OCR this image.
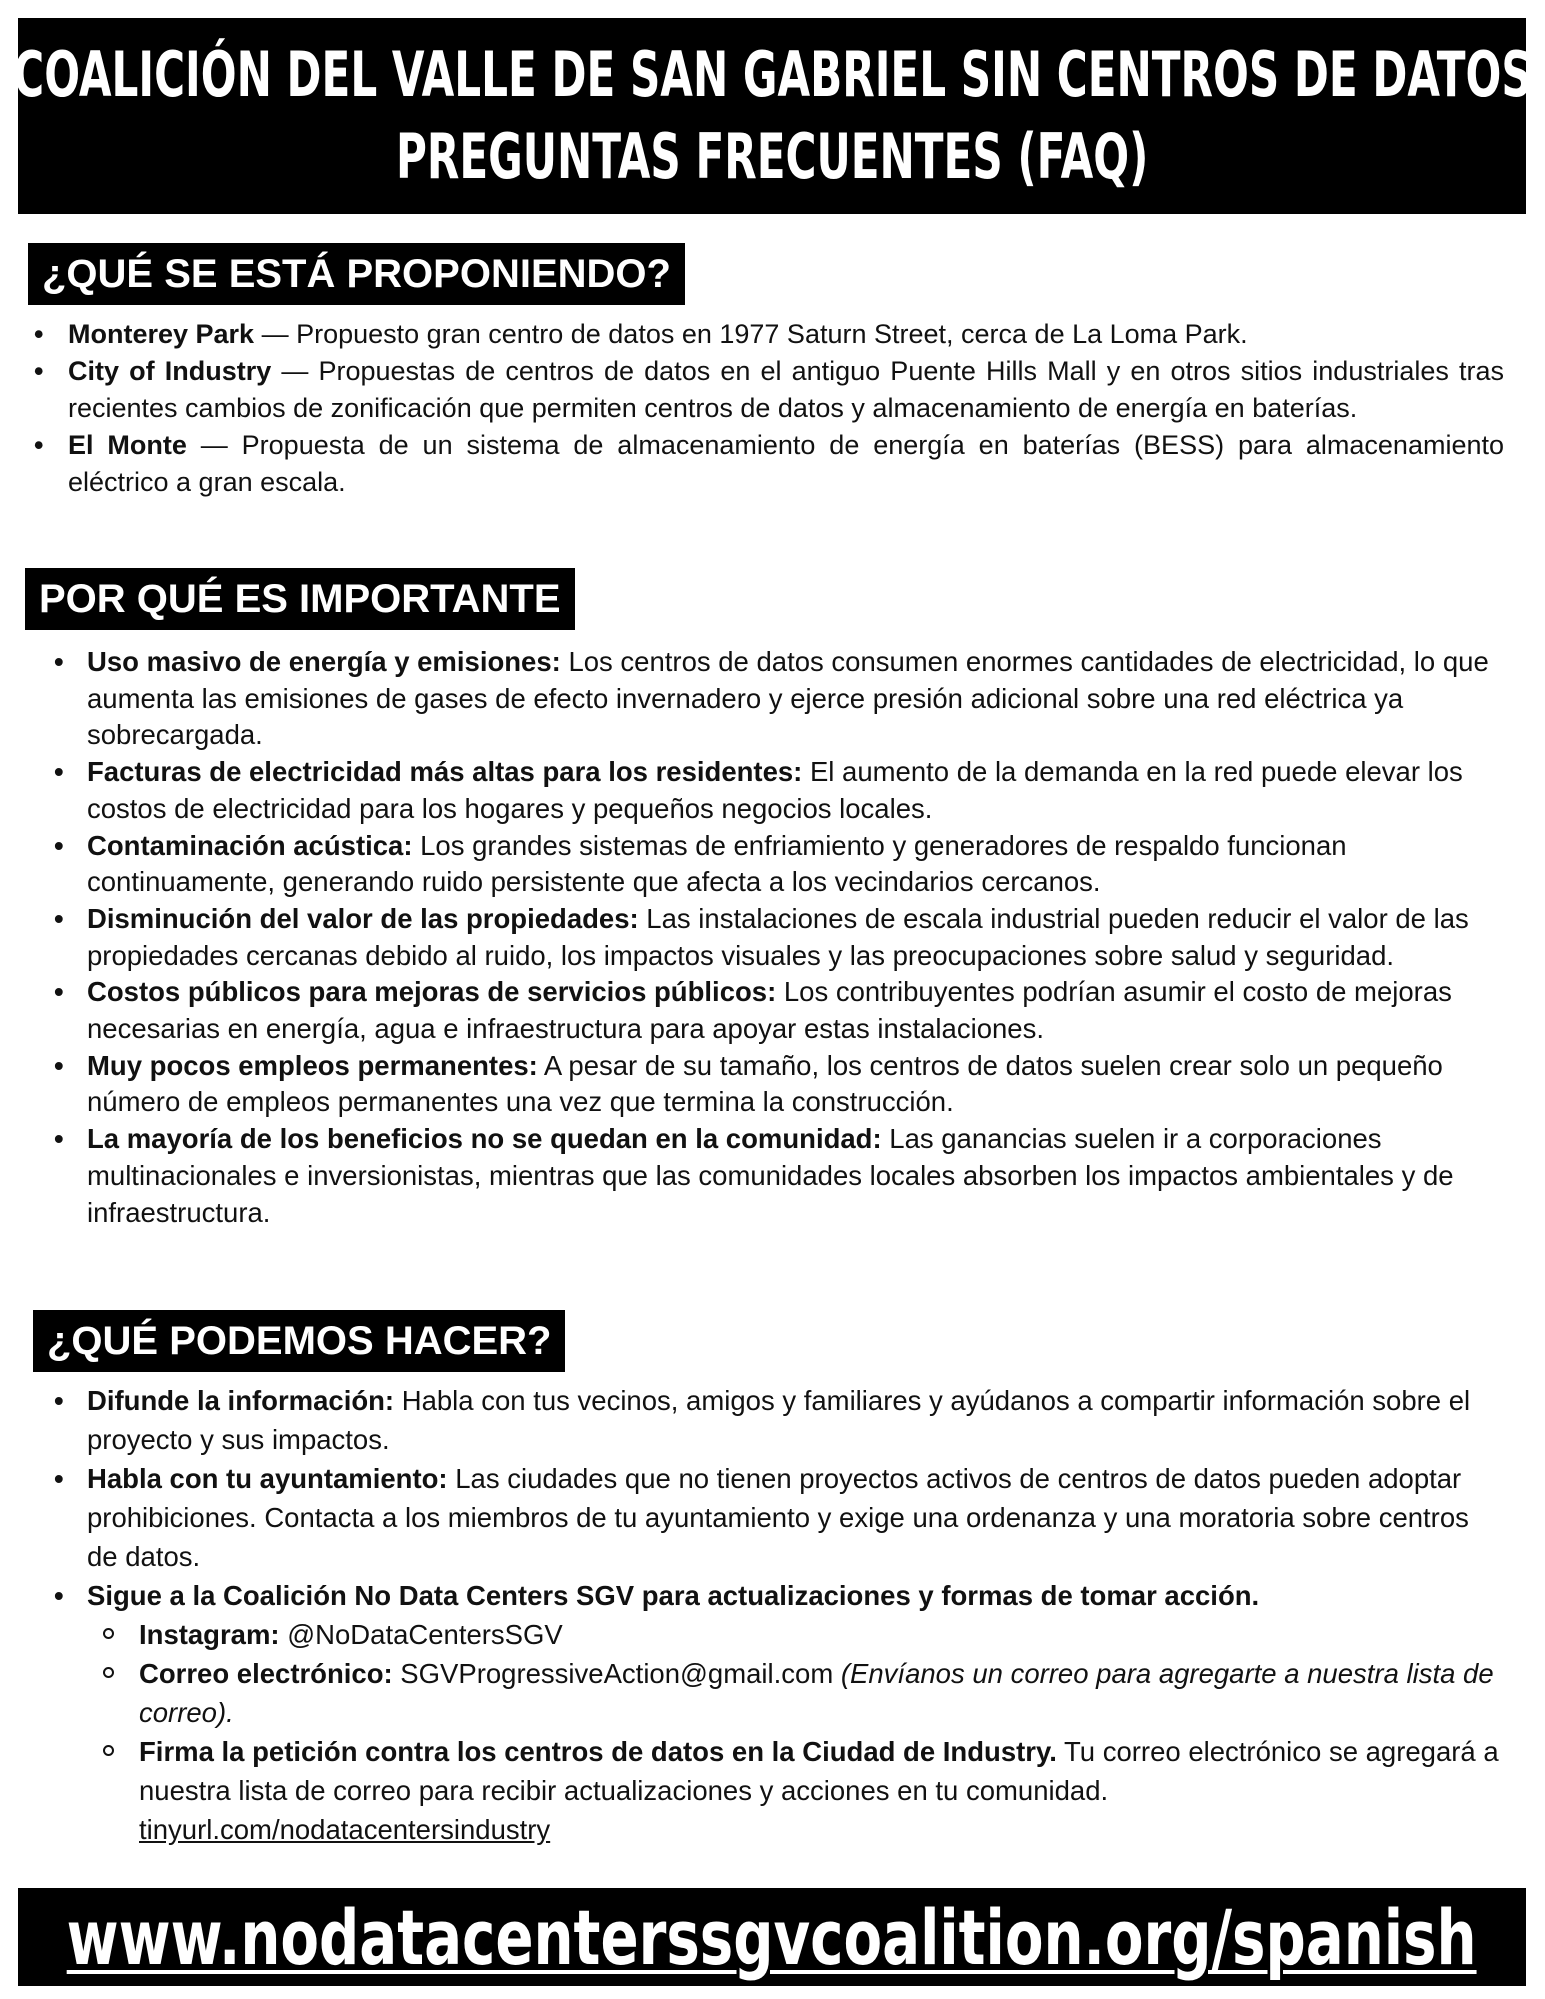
COALICIÓN DEL VALLE DE SAN GABRIEL SIN CENTROS DE DATOS
PREGUNTAS FRECUENTES (FAQ)
¿QUÉ SE ESTÁ PROPONIENDO?
• Monterey Park — Propuesto gran centro de datos en 1977 Saturn Street, cerca de La Loma Park.
• City of Industry — Propuestas de centros de datos en el antiguo Puente Hills Mall y en otros sitios industriales tras recientes cambios de zonificación que permiten centros de datos y almacenamiento de energía en baterías.
• El Monte — Propuesta de un sistema de almacenamiento de energía en baterías (BESS) para almacenamiento eléctrico a gran escala.
POR QUÉ ES IMPORTANTE
• Uso masivo de energía y emisiones: Los centros de datos consumen enormes cantidades de electricidad, lo que aumenta las emisiones de gases de efecto invernadero y ejerce presión adicional sobre una red eléctrica ya sobrecargada.
• Facturas de electricidad más altas para los residentes: El aumento de la demanda en la red puede elevar los costos de electricidad para los hogares y pequeños negocios locales.
• Contaminación acústica: Los grandes sistemas de enfriamiento y generadores de respaldo funcionan continuamente, generando ruido persistente que afecta a los vecindarios cercanos.
• Disminución del valor de las propiedades: Las instalaciones de escala industrial pueden reducir el valor de las propiedades cercanas debido al ruido, los impactos visuales y las preocupaciones sobre salud y seguridad.
• Costos públicos para mejoras de servicios públicos: Los contribuyentes podrían asumir el costo de mejoras necesarias en energía, agua e infraestructura para apoyar estas instalaciones.
• Muy pocos empleos permanentes: A pesar de su tamaño, los centros de datos suelen crear solo un pequeño número de empleos permanentes una vez que termina la construcción.
• La mayoría de los beneficios no se quedan en la comunidad: Las ganancias suelen ir a corporaciones multinacionales e inversionistas, mientras que las comunidades locales absorben los impactos ambientales y de infraestructura.
¿QUÉ PODEMOS HACER?
• Difunde la información: Habla con tus vecinos, amigos y familiares y ayúdanos a compartir información sobre el proyecto y sus impactos.
• Habla con tu ayuntamiento: Las ciudades que no tienen proyectos activos de centros de datos pueden adoptar prohibiciones. Contacta a los miembros de tu ayuntamiento y exige una ordenanza y una moratoria sobre centros de datos.
• Sigue a la Coalición No Data Centers SGV para actualizaciones y formas de tomar acción.
Instagram: @NoDataCentersSGV
Correo electrónico: SGVProgressiveAction@gmail.com (Envíanos un correo para agregarte a nuestra lista de correo).
Firma la petición contra los centros de datos en la Ciudad de Industry. Tu correo electrónico se agregará a nuestra lista de correo para recibir actualizaciones y acciones en tu comunidad.
tinyurl.com/nodatacentersindustry
www.nodatacenterssgvcoalition.org/spanish
